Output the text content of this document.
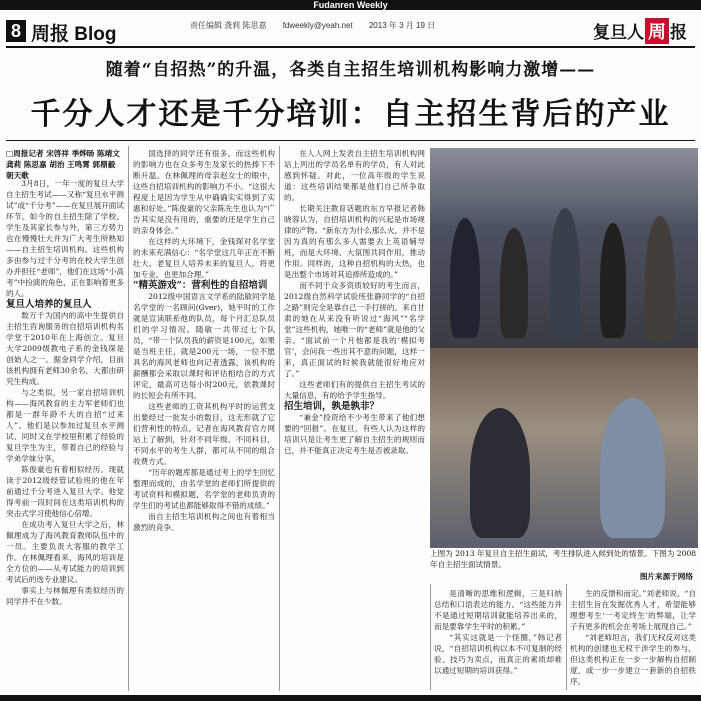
Fudanren Weekly
8 周报 Blog	责任编辑 龚莉 陈思嘉 fdweekly@yeah.net 2013 年 3 月 19 日	复旦人 周 报
随着“自招热”的升温，各类自主招生培训机构影响力激增——
千分人才还是千分培训：自主招生背后的产业
□周报记者 宋啓祥 季烨旸 陈靖文 龚莉 陈思嘉 胡治 王鸣霄 郭鼎毅 朝天歌

3月8日，一年一度的复旦大学自主招生考试——又称“复旦水平测试”或“千分考”——在复旦展开面试环节。如今的自主招生除了学校、学生及其家长参与外，第三方势力也在慢慢壮大并为广大考生所熟知——自主招生培训机构。这些机构多由参与过千分考的在校大学生创办并担任“老师”，他们在这场“小高考”中扮演的角色，正在影响着更多的人。

复旦人培养的复旦人

数万千为国内的高中生提供自主招生咨询服务的自招培训机构名学堂于2010年在上海创立。复旦大学2009级教电子系的金钱琛是创始人之一。据金同学介绍，目前该机构拥有老师30余名，大都由研究生构成。

与之类似，另一家自招培训机构——海风教育的主力军老师们也都是一群年龄不大的自招“过来人”。他们是以参加过复旦水平测试、同时又在学校里积累了经验的复旦学生为主，带着自己的经验与学弟学妹分享。

陈俊豪也有着相似经历。现就读于2012级经管试验班的他在年前通过千分考进入复旦大学。他觉得考前一段时间在这类培训机构的突击式学习使他信心倍增。

在成功考入复旦大学之后，林佩理成为了海风教育教师队伍中的一员。主要负责大客服的教学工作。在林佩理看来，海风的培训是全方位的——从考试能力的培训到考试后的选专业建议。

事实上与林佩理有类似经历的同学并不在少数。

国选择的同学还有很多。而这些机构的影响力也在众多考生及家长的热捧下不断升温。在林佩理的母亲赵女士的眼中，这些自招培训机构的影响力不小。“这很大程度上是因为学生从中确确实实得到了实惠和好处。”陈俊豪的父亲陈先生也认为“广告其实是没有用的，重要的还是学生自己的亲身体会。”

在这样的大环境下，金钱琛对名学堂的未来充满信心：“名学堂这几年正在不断壮大。老复旦人培养未来的复旦人，将更加专业，也更加合理。”

“精英游戏”：营利性的自招培训

2012级中国语言文学系的陆敏同学是名学堂的一名顾问(Gver)，她平时的工作就是宣读联系他的队员，每个月汇总队员们的学习情况。随敏一共带过七个队员，“带一个队员我的薪资是100元，如果是当班主任，就是200元一场，一位不愿具名的海风老师也向记者透露，该机构的薪酬都会采取以课时和评估相结合的方式评定，最高可达每小时200元，依教课时的长短会有所不同。

这些老师的工资其机构平时的运营支出要经过一批发小的数目，这无形就了它们营利性的特点。记者在海风教育官方网站上了解到，针对不同年级、不同科目，不同水平的考生人群，都可从不同的组合收费方式。

“历年的题库都是通过考上的学生回忆整理而成的，由名学堂的老师们所提供的考试资料和模拟题，名学堂的老师负责的学生们的考试也都能够取得不错的成绩。”

而自主招生培训机构之间也有着相当激烈的竞争。

在人人网上发表自主招生培训机构网站上列出的学员名单有的学员，有人对此感到怀疑。对此，一位高年级的学生说道：这些培训结果都是他们自己所争取的。

长期关注教育话题的东方早报记者韩晓蓉认为，自招培训机构的兴起是市场规律的产物。“新东方为什么那么火，并不是因为真的有那么多人需要去上英语辅导班，而是大环境、大氛围共同作用，推动作用。同样的，这种自招机构的大热，也是出整个市场对其追捧所造成的。”

而不同于众多资质较好的考生而言，2012级自然科学试验班张静同学的“自招之路”则完全是靠自己一手打拼的。来自甘肃的她在从来没有听说过“海风”“名学堂”这些机构，她唯一的“老师”就是他的父亲。“面试前一个月他都是我的‘模拟考官’，会问我一些出其不意的问题，这样一来，真正面试的时候我就能很好地应对了。”

这些老师们有的提供自主招生考试的大量信息，有的给予学生指导。

招生培训，孰是孰非？

“兼金”投资给不少考生带来了他们想要的“回报”。在复旦，有些人认为这样的培训只是让考生更了解自主招生的规则而已，并不能真正决定考生是否被录取。

上图为 2013 年复旦自主招生面试，考生排队进入候到处的情景。下图为 2008 年自主招生面试情景。
图片来源于网络

是清晰的思维和逻辑，三是归纳总结和口语表达的能力。“这些能力并不是通过短期培训就能培养出来的，而是要靠学生平时的积累。”

“其实这就是一个怪圈，”韩记者说，“自招培训机构以本不可复制的经验、技巧为卖点，而真正的素质却难以通过短期的培训获得。”

生的反馈和而定。”刘老师说。“自主招生旨在发掘优秀人才，希望能够理想考生‘一考定终生’的弊端，让学子有更多的机会在考场上展现自己。”

“刘老师坦言，我们无权反对这类机构的创建也无权干涉学生的参与，但这类机构正在一步一步解构自招制度，或一步一步建立一套新的自招秩序。
